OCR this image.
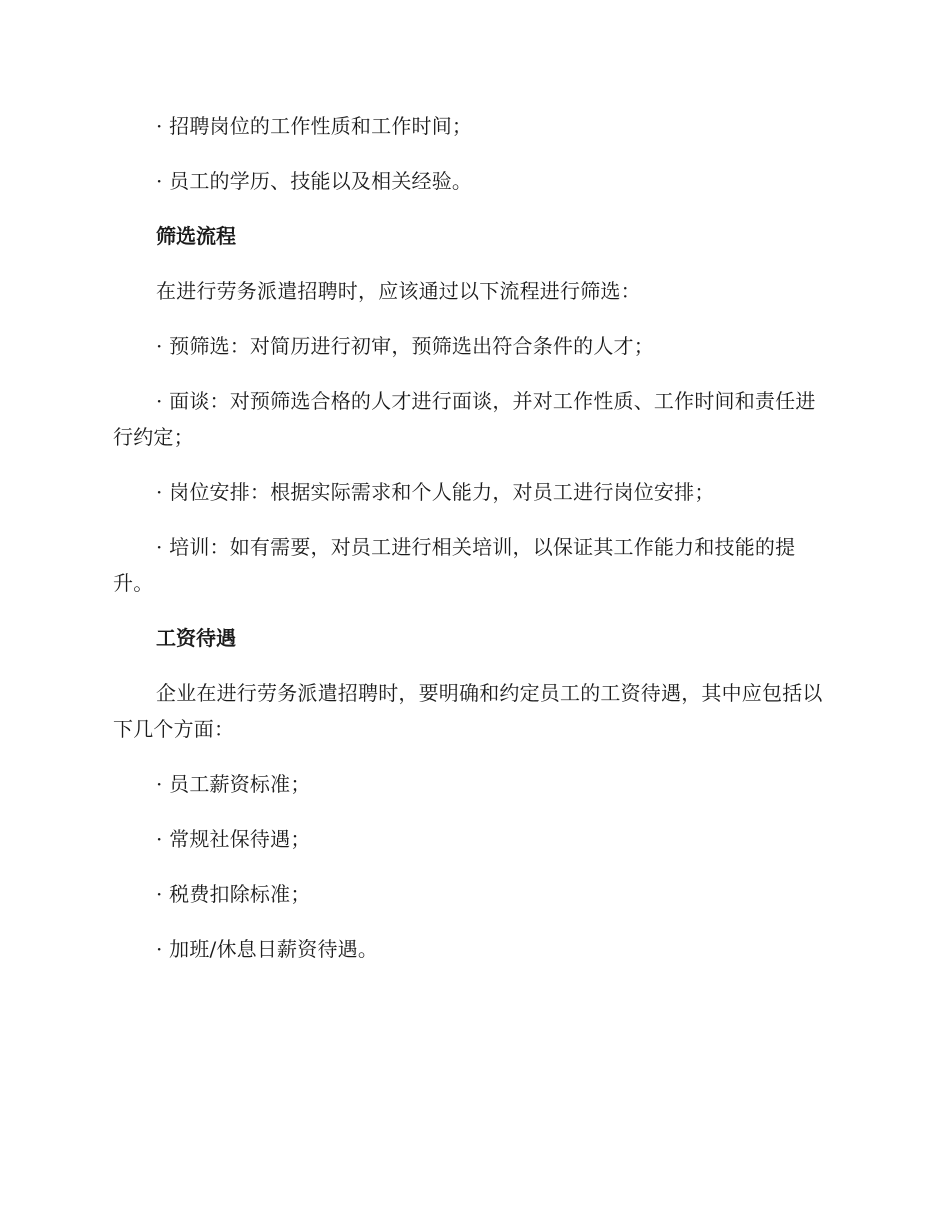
· 招聘岗位的工作性质和工作时间；

· 员工的学历、技能以及相关经验。

筛选流程

在进行劳务派遣招聘时，应该通过以下流程进行筛选：

· 预筛选：对简历进行初审，预筛选出符合条件的人才；

· 面谈：对预筛选合格的人才进行面谈，并对工作性质、工作时间和责任进行约定；

· 岗位安排：根据实际需求和个人能力，对员工进行岗位安排；

· 培训：如有需要，对员工进行相关培训，以保证其工作能力和技能的提升。

工资待遇

企业在进行劳务派遣招聘时，要明确和约定员工的工资待遇，其中应包括以下几个方面：

· 员工薪资标准；

· 常规社保待遇；

· 税费扣除标准；

· 加班/休息日薪资待遇。
